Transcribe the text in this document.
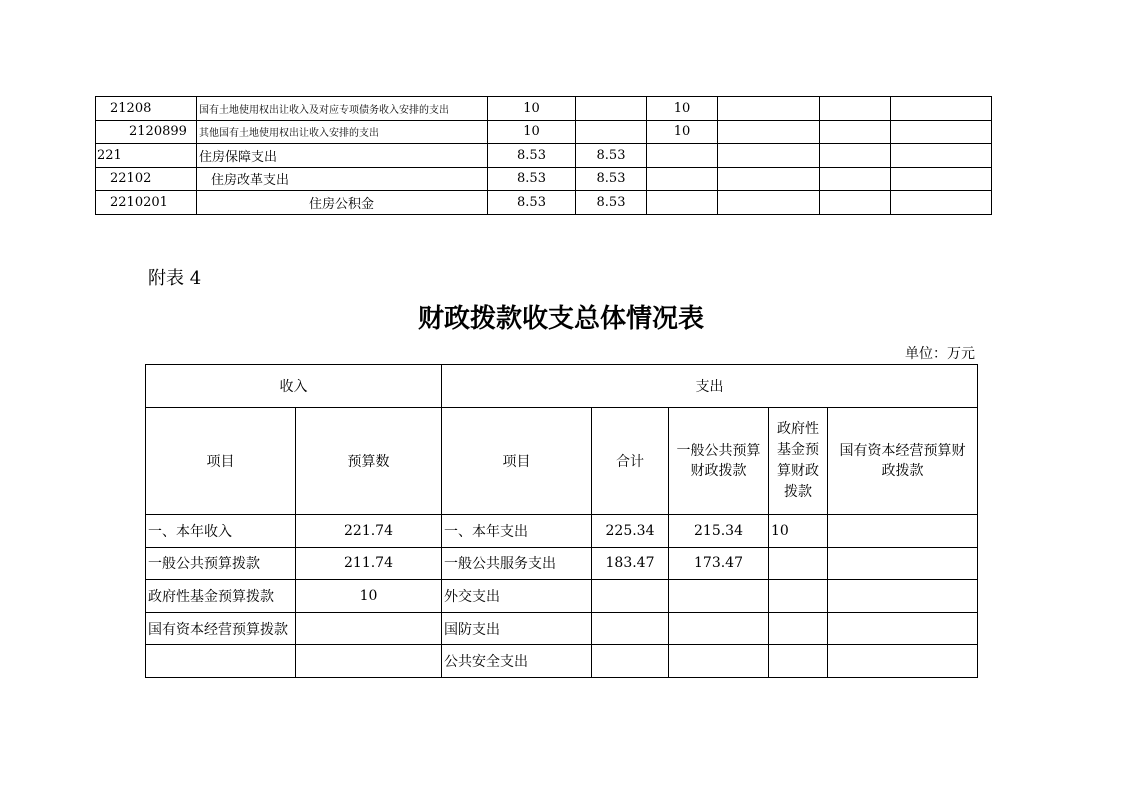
21208	国有土地使用权出让收入及对应专项债务收入安排的支出	10		10			
2120899	其他国有土地使用权出让收入安排的支出	10		10			
221	住房保障支出	8.53	8.53				
22102	住房改革支出	8.53	8.53				
2210201	住房公积金	8.53	8.53				
附表 4
财政拨款收支总体情况表
单位：万元
收入		支出				
项目	预算数	项目	合计	一般公共预算财政拨款	政府性基金预算财政拨款	国有资本经营预算财政拨款
一、本年收入	221.74	一、本年支出	225.34	215.34	10	
一般公共预算拨款	211.74	一般公共服务支出	183.47	173.47		
政府性基金预算拨款	10	外交支出				
国有资本经营预算拨款		国防支出				
		公共安全支出				
